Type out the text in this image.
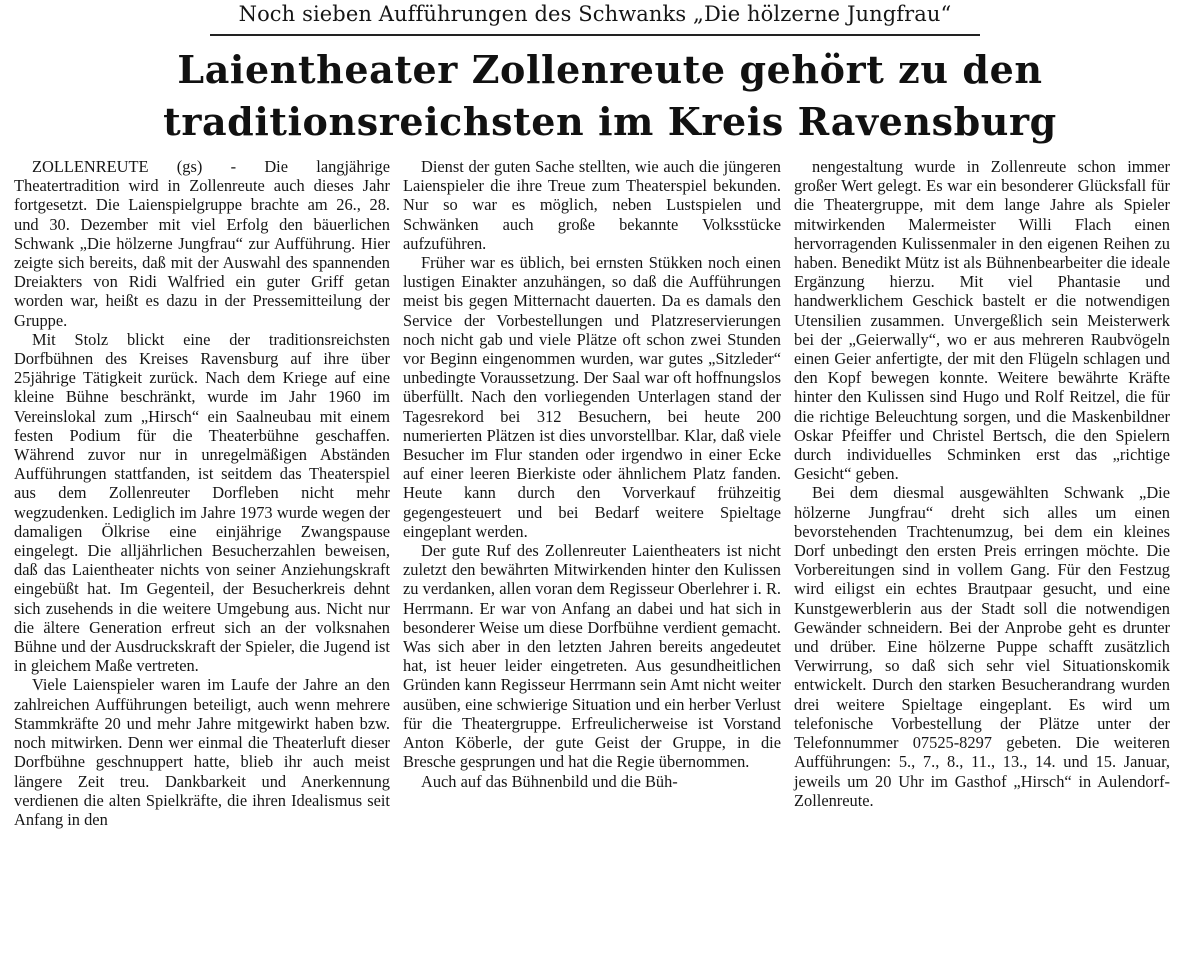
Noch sieben Aufführungen des Schwanks „Die hölzerne Jungfrau“
Laientheater Zollenreute gehört zu den
traditionsreichsten im Kreis Ravensburg

ZOLLENREUTE (gs) - Die langjährige Theatertradition wird in Zollenreute auch dieses Jahr fortgesetzt. Die Laienspielgruppe brachte am 26., 28. und 30. Dezember mit viel Erfolg den bäuerlichen Schwank „Die hölzerne Jungfrau“ zur Aufführung. Hier zeigte sich bereits, daß mit der Auswahl des spannenden Dreiakters von Ridi Walfried ein guter Griff getan worden war, heißt es dazu in der Pressemitteilung der Gruppe.

Mit Stolz blickt eine der traditionsreichsten Dorfbühnen des Kreises Ravensburg auf ihre über 25jährige Tätigkeit zurück. Nach dem Kriege auf eine kleine Bühne beschränkt, wurde im Jahr 1960 im Vereinslokal zum „Hirsch“ ein Saalneubau mit einem festen Podium für die Theaterbühne geschaffen. Während zuvor nur in unregelmäßigen Abständen Aufführungen stattfanden, ist seitdem das Theaterspiel aus dem Zollenreuter Dorfleben nicht mehr wegzudenken. Lediglich im Jahre 1973 wurde wegen der damaligen Ölkrise eine einjährige Zwangspause eingelegt. Die alljährlichen Besucherzahlen beweisen, daß das Laientheater nichts von seiner Anziehungskraft eingebüßt hat. Im Gegenteil, der Besucherkreis dehnt sich zusehends in die weitere Umgebung aus. Nicht nur die ältere Generation erfreut sich an der volksnahen Bühne und der Ausdruckskraft der Spieler, die Jugend ist in gleichem Maße vertreten.

Viele Laienspieler waren im Laufe der Jahre an den zahlreichen Aufführungen beteiligt, auch wenn mehrere Stammkräfte 20 und mehr Jahre mitgewirkt haben bzw. noch mitwirken. Denn wer einmal die Theaterluft dieser Dorfbühne geschnuppert hatte, blieb ihr auch meist längere Zeit treu. Dankbarkeit und Anerkennung verdienen die alten Spielkräfte, die ihren Idealismus seit Anfang in den

Dienst der guten Sache stellten, wie auch die jüngeren Laienspieler die ihre Treue zum Theaterspiel bekunden. Nur so war es möglich, neben Lustspielen und Schwänken auch große bekannte Volksstücke aufzuführen.

Früher war es üblich, bei ernsten Stükken noch einen lustigen Einakter anzuhängen, so daß die Aufführungen meist bis gegen Mitternacht dauerten. Da es damals den Service der Vorbestellungen und Platzreservierungen noch nicht gab und viele Plätze oft schon zwei Stunden vor Beginn eingenommen wurden, war gutes „Sitzleder“ unbedingte Voraussetzung. Der Saal war oft hoffnungslos überfüllt. Nach den vorliegenden Unterlagen stand der Tagesrekord bei 312 Besuchern, bei heute 200 numerierten Plätzen ist dies unvorstellbar. Klar, daß viele Besucher im Flur standen oder irgendwo in einer Ecke auf einer leeren Bierkiste oder ähnlichem Platz fanden. Heute kann durch den Vorverkauf frühzeitig gegengesteuert und bei Bedarf weitere Spieltage eingeplant werden.

Der gute Ruf des Zollenreuter Laientheaters ist nicht zuletzt den bewährten Mitwirkenden hinter den Kulissen zu verdanken, allen voran dem Regisseur Oberlehrer i. R. Herrmann. Er war von Anfang an dabei und hat sich in besonderer Weise um diese Dorfbühne verdient gemacht. Was sich aber in den letzten Jahren bereits angedeutet hat, ist heuer leider eingetreten. Aus gesundheitlichen Gründen kann Regisseur Herrmann sein Amt nicht weiter ausüben, eine schwierige Situation und ein herber Verlust für die Theatergruppe. Erfreulicherweise ist Vorstand Anton Köberle, der gute Geist der Gruppe, in die Bresche gesprungen und hat die Regie übernommen.

Auch auf das Bühnenbild und die Büh-

nengestaltung wurde in Zollenreute schon immer großer Wert gelegt. Es war ein besonderer Glücksfall für die Theatergruppe, mit dem lange Jahre als Spieler mitwirkenden Malermeister Willi Flach einen hervorragenden Kulissenmaler in den eigenen Reihen zu haben. Benedikt Mütz ist als Bühnenbearbeiter die ideale Ergänzung hierzu. Mit viel Phantasie und handwerklichem Geschick bastelt er die notwendigen Utensilien zusammen. Unvergeßlich sein Meisterwerk bei der „Geierwally“, wo er aus mehreren Raubvögeln einen Geier anfertigte, der mit den Flügeln schlagen und den Kopf bewegen konnte. Weitere bewährte Kräfte hinter den Kulissen sind Hugo und Rolf Reitzel, die für die richtige Beleuchtung sorgen, und die Maskenbildner Oskar Pfeiffer und Christel Bertsch, die den Spielern durch individuelles Schminken erst das „richtige Gesicht“ geben.

Bei dem diesmal ausgewählten Schwank „Die hölzerne Jungfrau“ dreht sich alles um einen bevorstehenden Trachtenumzug, bei dem ein kleines Dorf unbedingt den ersten Preis erringen möchte. Die Vorbereitungen sind in vollem Gang. Für den Festzug wird eiligst ein echtes Brautpaar gesucht, und eine Kunstgewerblerin aus der Stadt soll die notwendigen Gewänder schneidern. Bei der Anprobe geht es drunter und drüber. Eine hölzerne Puppe schafft zusätzlich Verwirrung, so daß sich sehr viel Situationskomik entwickelt. Durch den starken Besucherandrang wurden drei weitere Spieltage eingeplant. Es wird um telefonische Vorbestellung der Plätze unter der Telefonnummer 07525-8297 gebeten. Die weiteren Aufführungen: 5., 7., 8., 11., 13., 14. und 15. Januar, jeweils um 20 Uhr im Gasthof „Hirsch“ in Aulendorf-Zollenreute.
